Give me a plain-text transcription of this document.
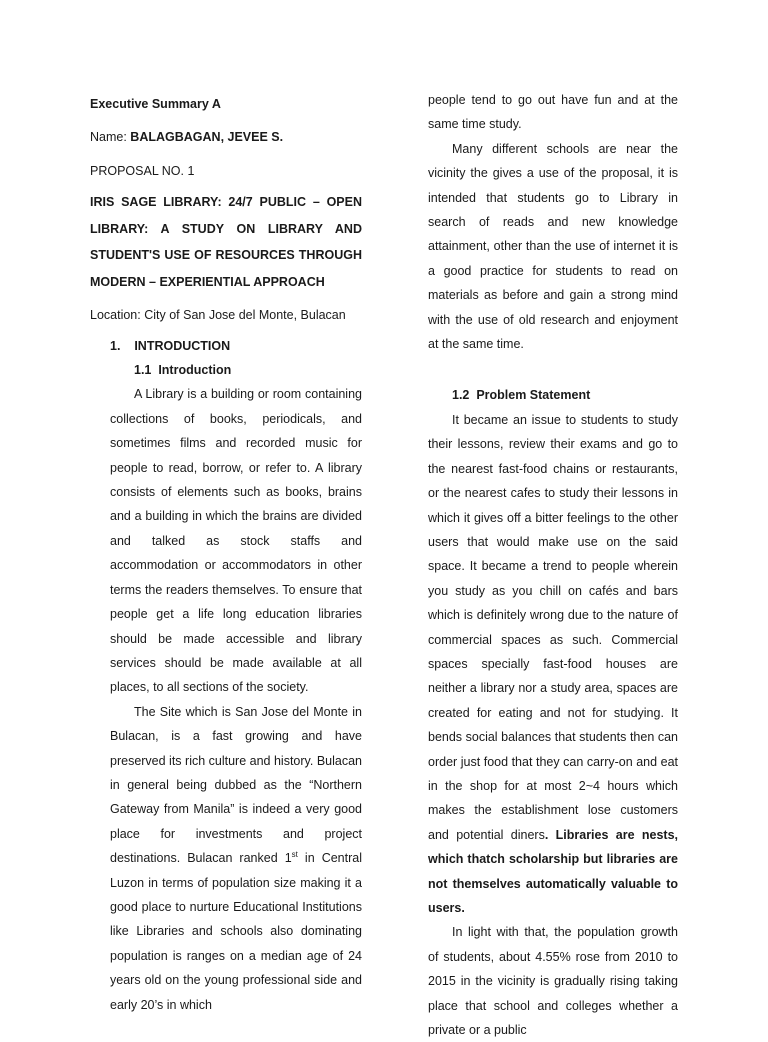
Executive Summary A

Name: BALAGBAGAN, JEVEE S.

PROPOSAL NO. 1

IRIS SAGE LIBRARY: 24/7 PUBLIC – OPEN LIBRARY: A STUDY ON LIBRARY AND STUDENT'S USE OF RESOURCES THROUGH MODERN – EXPERIENTIAL APPROACH

Location: City of San Jose del Monte, Bulacan

1.    INTRODUCTION

1.1  Introduction

A Library is a building or room containing collections of books, periodicals, and sometimes films and recorded music for people to read, borrow, or refer to. A library consists of elements such as books, brains and a building in which the brains are divided and talked as stock staffs and accommodation or accommodators in other terms the readers themselves. To ensure that people get a life long education libraries should be made accessible and library services should be made available at all places, to all sections of the society.

The Site which is San Jose del Monte in Bulacan, is a fast growing and have preserved its rich culture and history. Bulacan in general being dubbed as the “Northern Gateway from Manila” is indeed a very good place for investments and project destinations. Bulacan ranked 1st in Central Luzon in terms of population size making it a good place to nurture Educational Institutions like Libraries and schools also dominating population is ranges on a median age of 24 years old on the young professional side and early 20’s in which

people tend to go out have fun and at the same time study.

Many different schools are near the vicinity the gives a use of the proposal, it is intended that students go to Library in search of reads and new knowledge attainment, other than the use of internet it is a good practice for students to read on materials as before and gain a strong mind with the use of old research and enjoyment at the same time.

1.2  Problem Statement

It became an issue to students to study their lessons, review their exams and go to the nearest fast-food chains or restaurants, or the nearest cafes to study their lessons in which it gives off a bitter feelings to the other users that would make use on the said space. It became a trend to people wherein you study as you chill on cafés and bars which is definitely wrong due to the nature of commercial spaces as such. Commercial spaces specially fast-food houses are neither a library nor a study area, spaces are created for eating and not for studying. It bends social balances that students then can order just food that they can carry-on and eat in the shop for at most 2~4 hours which makes the establishment lose customers and potential diners. Libraries are nests, which thatch scholarship but libraries are not themselves automatically valuable to users.

In light with that, the population growth of students, about 4.55% rose from 2010 to 2015 in the vicinity is gradually rising taking place that school and colleges whether a private or a public
